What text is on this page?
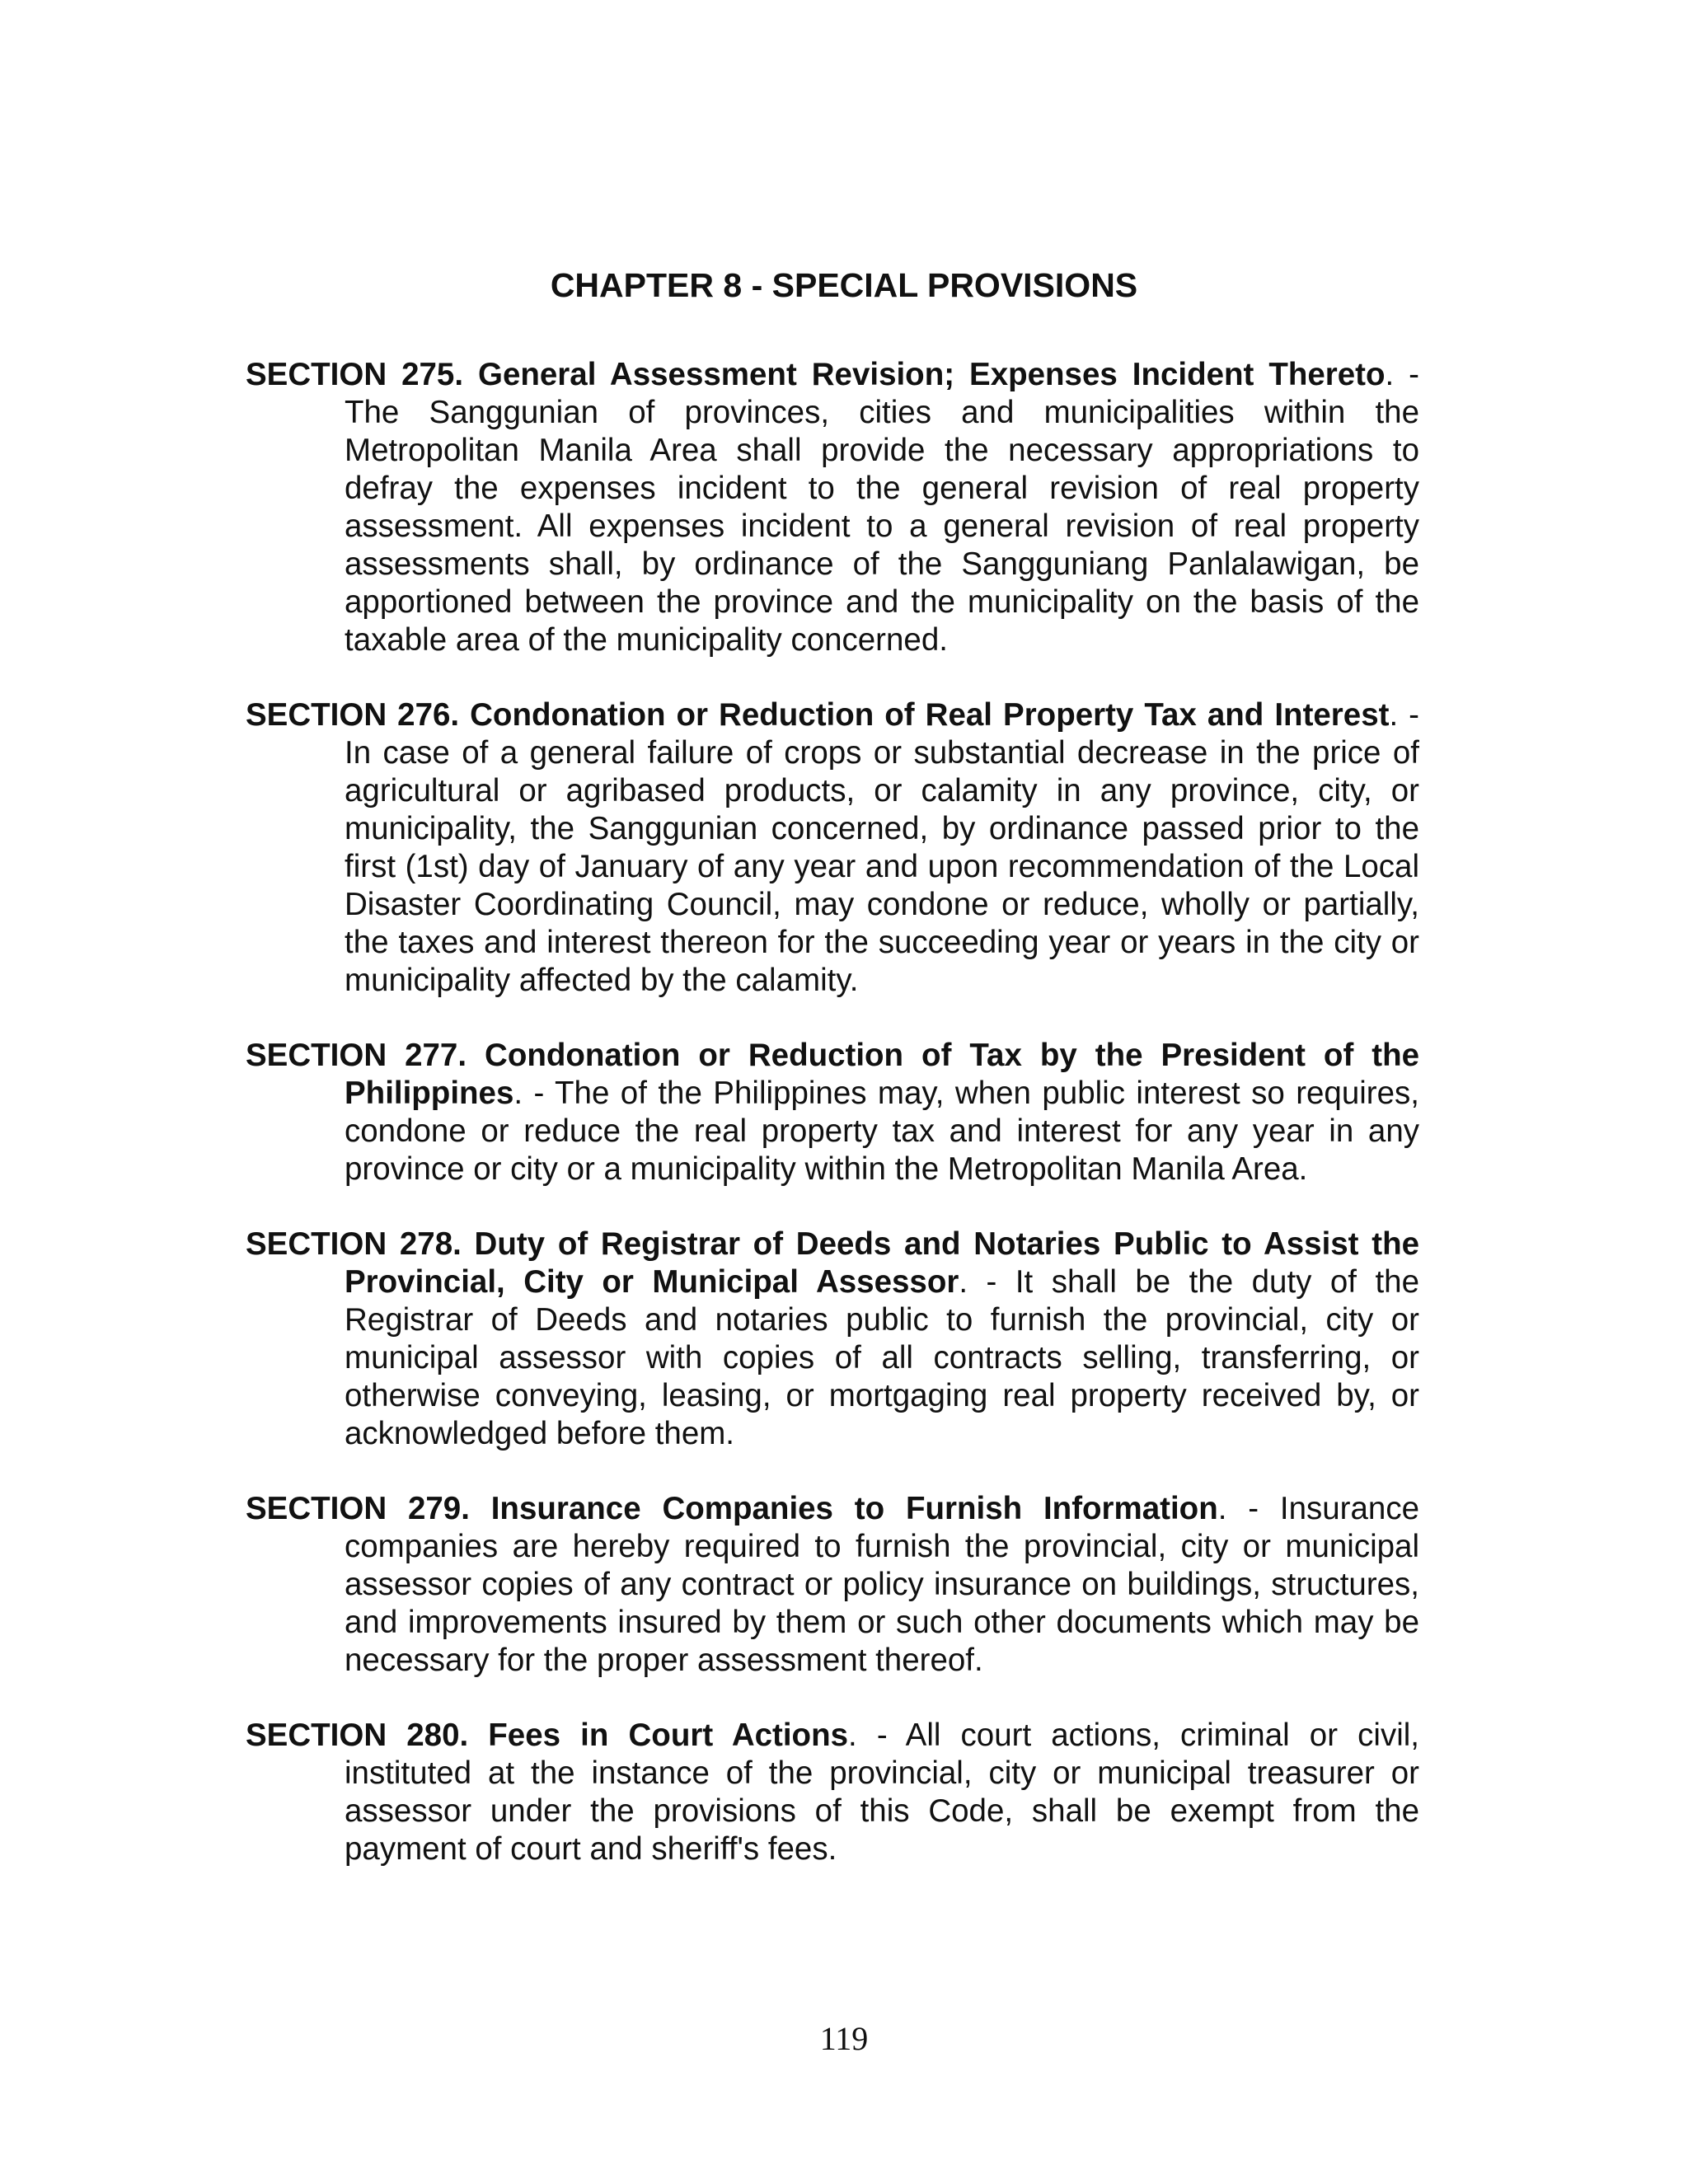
CHAPTER 8 - SPECIAL PROVISIONS

SECTION 275. General Assessment Revision; Expenses Incident Thereto. - The Sanggunian of provinces, cities and municipalities within the Metropolitan Manila Area shall provide the necessary appropriations to defray the expenses incident to the general revision of real property assessment. All expenses incident to a general revision of real property assessments shall, by ordinance of the Sangguniang Panlalawigan, be apportioned between the province and the municipality on the basis of the taxable area of the municipality concerned.

SECTION 276. Condonation or Reduction of Real Property Tax and Interest. - In case of a general failure of crops or substantial decrease in the price of agricultural or agribased products, or calamity in any province, city, or municipality, the Sanggunian concerned, by ordinance passed prior to the first (1st) day of January of any year and upon recommendation of the Local Disaster Coordinating Council, may condone or reduce, wholly or partially, the taxes and interest thereon for the succeeding year or years in the city or municipality affected by the calamity.

SECTION 277. Condonation or Reduction of Tax by the President of the Philippines. - The of the Philippines may, when public interest so requires, condone or reduce the real property tax and interest for any year in any province or city or a municipality within the Metropolitan Manila Area.

SECTION 278. Duty of Registrar of Deeds and Notaries Public to Assist the Provincial, City or Municipal Assessor. - It shall be the duty of the Registrar of Deeds and notaries public to furnish the provincial, city or municipal assessor with copies of all contracts selling, transferring, or otherwise conveying, leasing, or mortgaging real property received by, or acknowledged before them.

SECTION 279. Insurance Companies to Furnish Information. - Insurance companies are hereby required to furnish the provincial, city or municipal assessor copies of any contract or policy insurance on buildings, structures, and improvements insured by them or such other documents which may be necessary for the proper assessment thereof.

SECTION 280. Fees in Court Actions. - All court actions, criminal or civil, instituted at the instance of the provincial, city or municipal treasurer or assessor under the provisions of this Code, shall be exempt from the payment of court and sheriff's fees.

119
